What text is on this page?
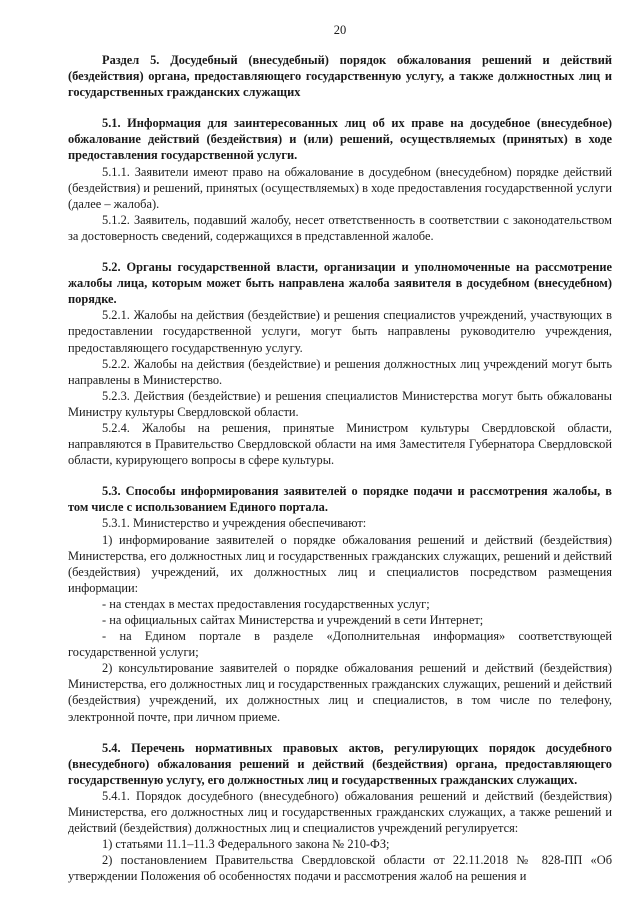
20

Раздел 5. Досудебный (внесудебный) порядок обжалования решений и действий (бездействия) органа, предоставляющего государственную услугу, а также должностных лиц и государственных гражданских служащих

5.1. Информация для заинтересованных лиц об их праве на досудебное (внесудебное) обжалование действий (бездействия) и (или) решений, осуществляемых (принятых) в ходе предоставления государственной услуги.

5.1.1. Заявители имеют право на обжалование в досудебном (внесудебном) порядке действий (бездействия) и решений, принятых (осуществляемых) в ходе предоставления государственной услуги (далее – жалоба).

5.1.2. Заявитель, подавший жалобу, несет ответственность в соответствии с законодательством за достоверность сведений, содержащихся в представленной жалобе.

5.2. Органы государственной власти, организации и уполномоченные на рассмотрение жалобы лица, которым может быть направлена жалоба заявителя в досудебном (внесудебном) порядке.

5.2.1. Жалобы на действия (бездействие) и решения специалистов учреждений, участвующих в предоставлении государственной услуги, могут быть направлены руководителю учреждения, предоставляющего государственную услугу.

5.2.2. Жалобы на действия (бездействие) и решения должностных лиц учреждений могут быть направлены в Министерство.

5.2.3. Действия (бездействие) и решения специалистов Министерства могут быть обжалованы Министру культуры Свердловской области.

5.2.4. Жалобы на решения, принятые Министром культуры Свердловской области, направляются в Правительство Свердловской области на имя Заместителя Губернатора Свердловской области, курирующего вопросы в сфере культуры.

5.3. Способы информирования заявителей о порядке подачи и рассмотрения жалобы, в том числе с использованием Единого портала.

5.3.1. Министерство и учреждения обеспечивают:

1) информирование заявителей о порядке обжалования решений и действий (бездействия) Министерства, его должностных лиц и государственных гражданских служащих, решений и действий (бездействия) учреждений, их должностных лиц и специалистов посредством размещения информации:

- на стендах в местах предоставления государственных услуг;

- на официальных сайтах Министерства и учреждений в сети Интернет;

- на Едином портале в разделе «Дополнительная информация» соответствующей государственной услуги;

2) консультирование заявителей о порядке обжалования решений и действий (бездействия) Министерства, его должностных лиц и государственных гражданских служащих, решений и действий (бездействия) учреждений, их должностных лиц и специалистов, в том числе по телефону, электронной почте, при личном приеме.

5.4. Перечень нормативных правовых актов, регулирующих порядок досудебного (внесудебного) обжалования решений и действий (бездействия) органа, предоставляющего государственную услугу, его должностных лиц и государственных гражданских служащих.

5.4.1. Порядок досудебного (внесудебного) обжалования решений и действий (бездействия) Министерства, его должностных лиц и государственных гражданских служащих, а также решений и действий (бездействия) должностных лиц и специалистов учреждений регулируется:

1) статьями 11.1–11.3 Федерального закона № 210-ФЗ;

2) постановлением Правительства Свердловской области от 22.11.2018 № 828-ПП «Об утверждении Положения об особенностях подачи и рассмотрения жалоб на решения и
